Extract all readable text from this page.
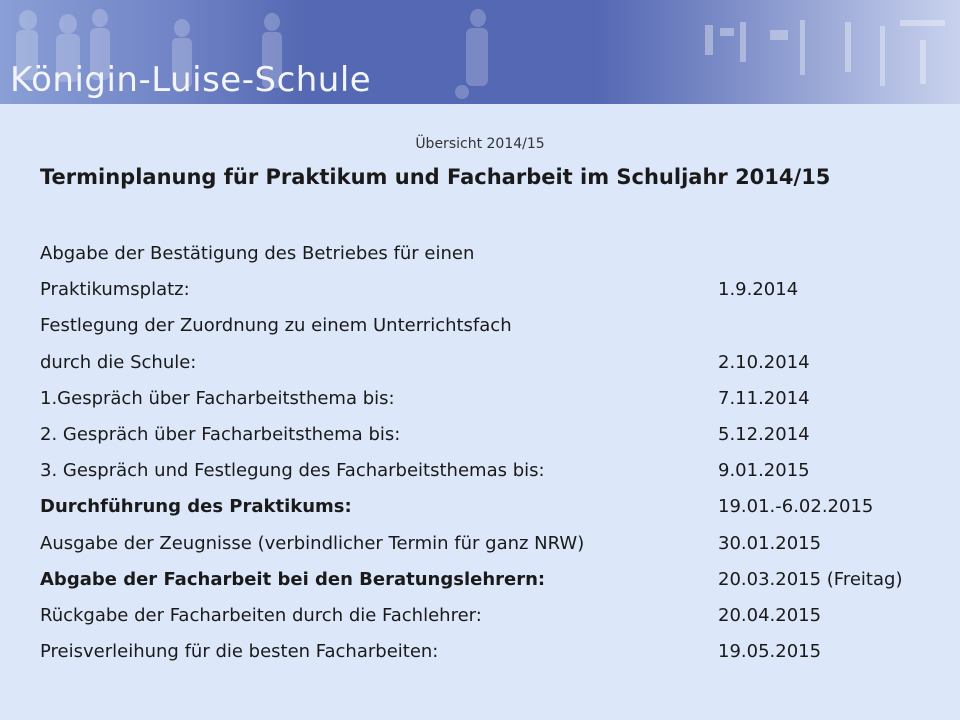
Königin-Luise-Schule
Übersicht 2014/15
Terminplanung für Praktikum und Facharbeit im Schuljahr 2014/15
Abgabe der Bestätigung des Betriebes für einen
Praktikumsplatz:	1.9.2014
Festlegung der Zuordnung zu einem Unterrichtsfach
durch die Schule:	2.10.2014
1.Gespräch über Facharbeitsthema bis:	7.11.2014
2. Gespräch über Facharbeitsthema bis:	5.12.2014
3. Gespräch und Festlegung des Facharbeitsthemas bis:	9.01.2015
Durchführung des Praktikums:	19.01.-6.02.2015
Ausgabe der Zeugnisse (verbindlicher Termin für ganz NRW)	30.01.2015
Abgabe der Facharbeit bei den Beratungslehrern:	20.03.2015 (Freitag)
Rückgabe der Facharbeiten durch die Fachlehrer:	20.04.2015
Preisverleihung für die besten Facharbeiten:	19.05.2015
